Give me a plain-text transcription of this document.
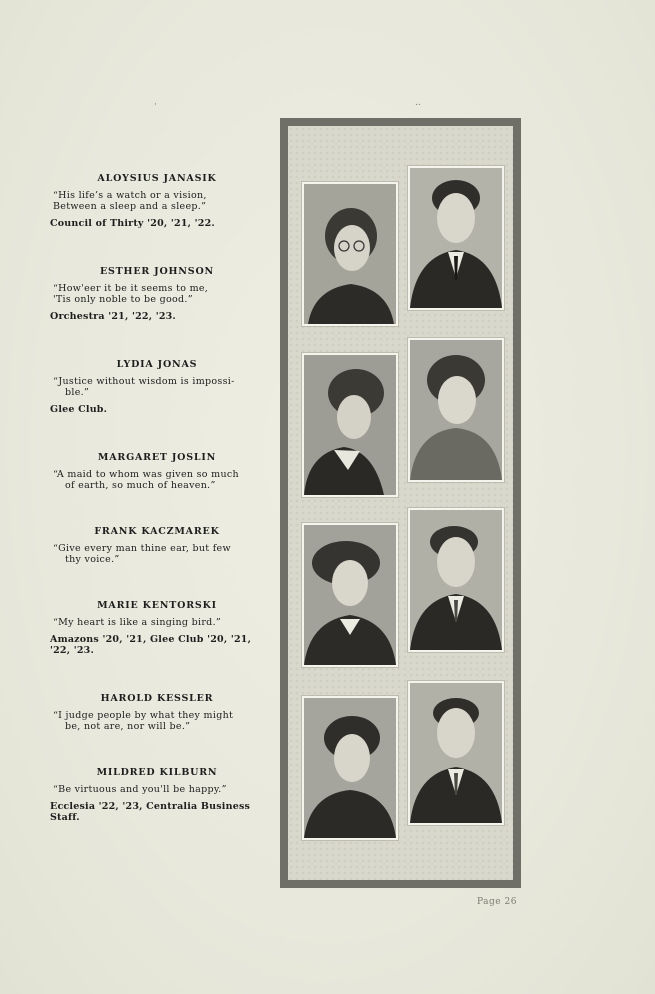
ALOYSIUS JANASIK
“His life’s a watch or a vision,
Between a sleep and a sleep.”
Council of Thirty '20, '21, '22.
ESTHER JOHNSON
“How'eer it be it seems to me,
'Tis only noble to be good.”
Orchestra '21, '22, '23.
LYDIA JONAS
“Justice without wisdom is impossi-
ble.”
Glee Club.
MARGARET JOSLIN
“A maid to whom was given so much
of earth, so much of heaven.”
FRANK KACZMAREK
“Give every man thine ear, but few
thy voice.”
MARIE KENTORSKI
“My heart is like a singing bird.”
Amazons '20, '21, Glee Club '20, '21,
'22, '23.
HAROLD KESSLER
“I judge people by what they might
be, not are, nor will be.”
MILDRED KILBURN
“Be virtuous and you'll be happy.”
Ecclesia '22, '23, Centralia Business
Staff.
Page 26
·	..
